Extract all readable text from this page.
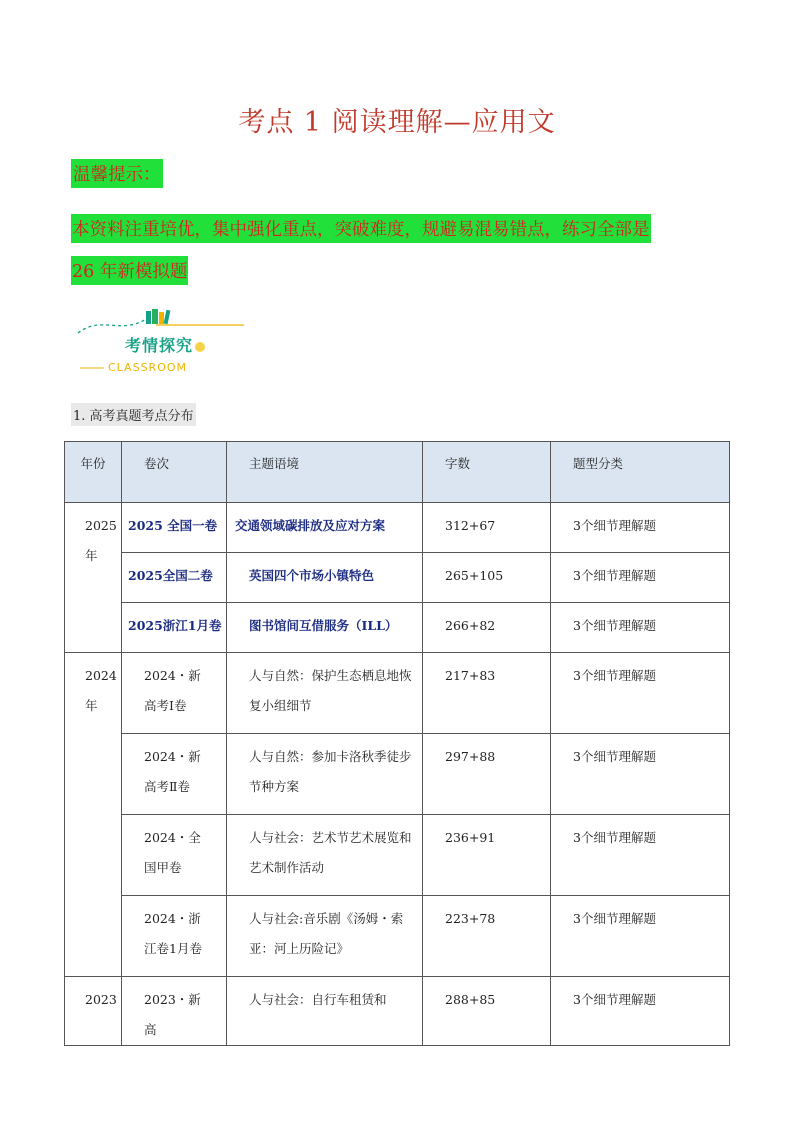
考点 1 阅读理解—应用文
温馨提示：
本资料注重培优，集中强化重点，突破难度，规避易混易错点，练习全部是
26 年新模拟题
考情探究
CLASSROOM
1. 高考真题考点分布
年份	卷次	主题语境	字数	题型分类

2025年	2025 全国一卷	交通领域碳排放及应对方案	312+67	3个细节理解题

	2025全国二卷	英国四个市场小镇特色	265+105	3个细节理解题

	2025浙江1月卷	图书馆间互借服务（ILL）	266+82	3个细节理解题

2024年	2024・新高考Ⅰ卷	人与自然：保护生态栖息地恢复小组细节	217+83	3个细节理解题

	2024・新高考Ⅱ卷	人与自然：参加卡洛秋季徒步节种方案	297+88	3个细节理解题

	2024・全国甲卷	人与社会：艺术节艺术展览和艺术制作活动	236+91	3个细节理解题

	2024・浙江卷1月卷	人与社会:音乐剧《汤姆・索亚：河上历险记》	223+78	3个细节理解题

2023	2023・新高	人与社会：自行车租赁和	288+85	3个细节理解题
